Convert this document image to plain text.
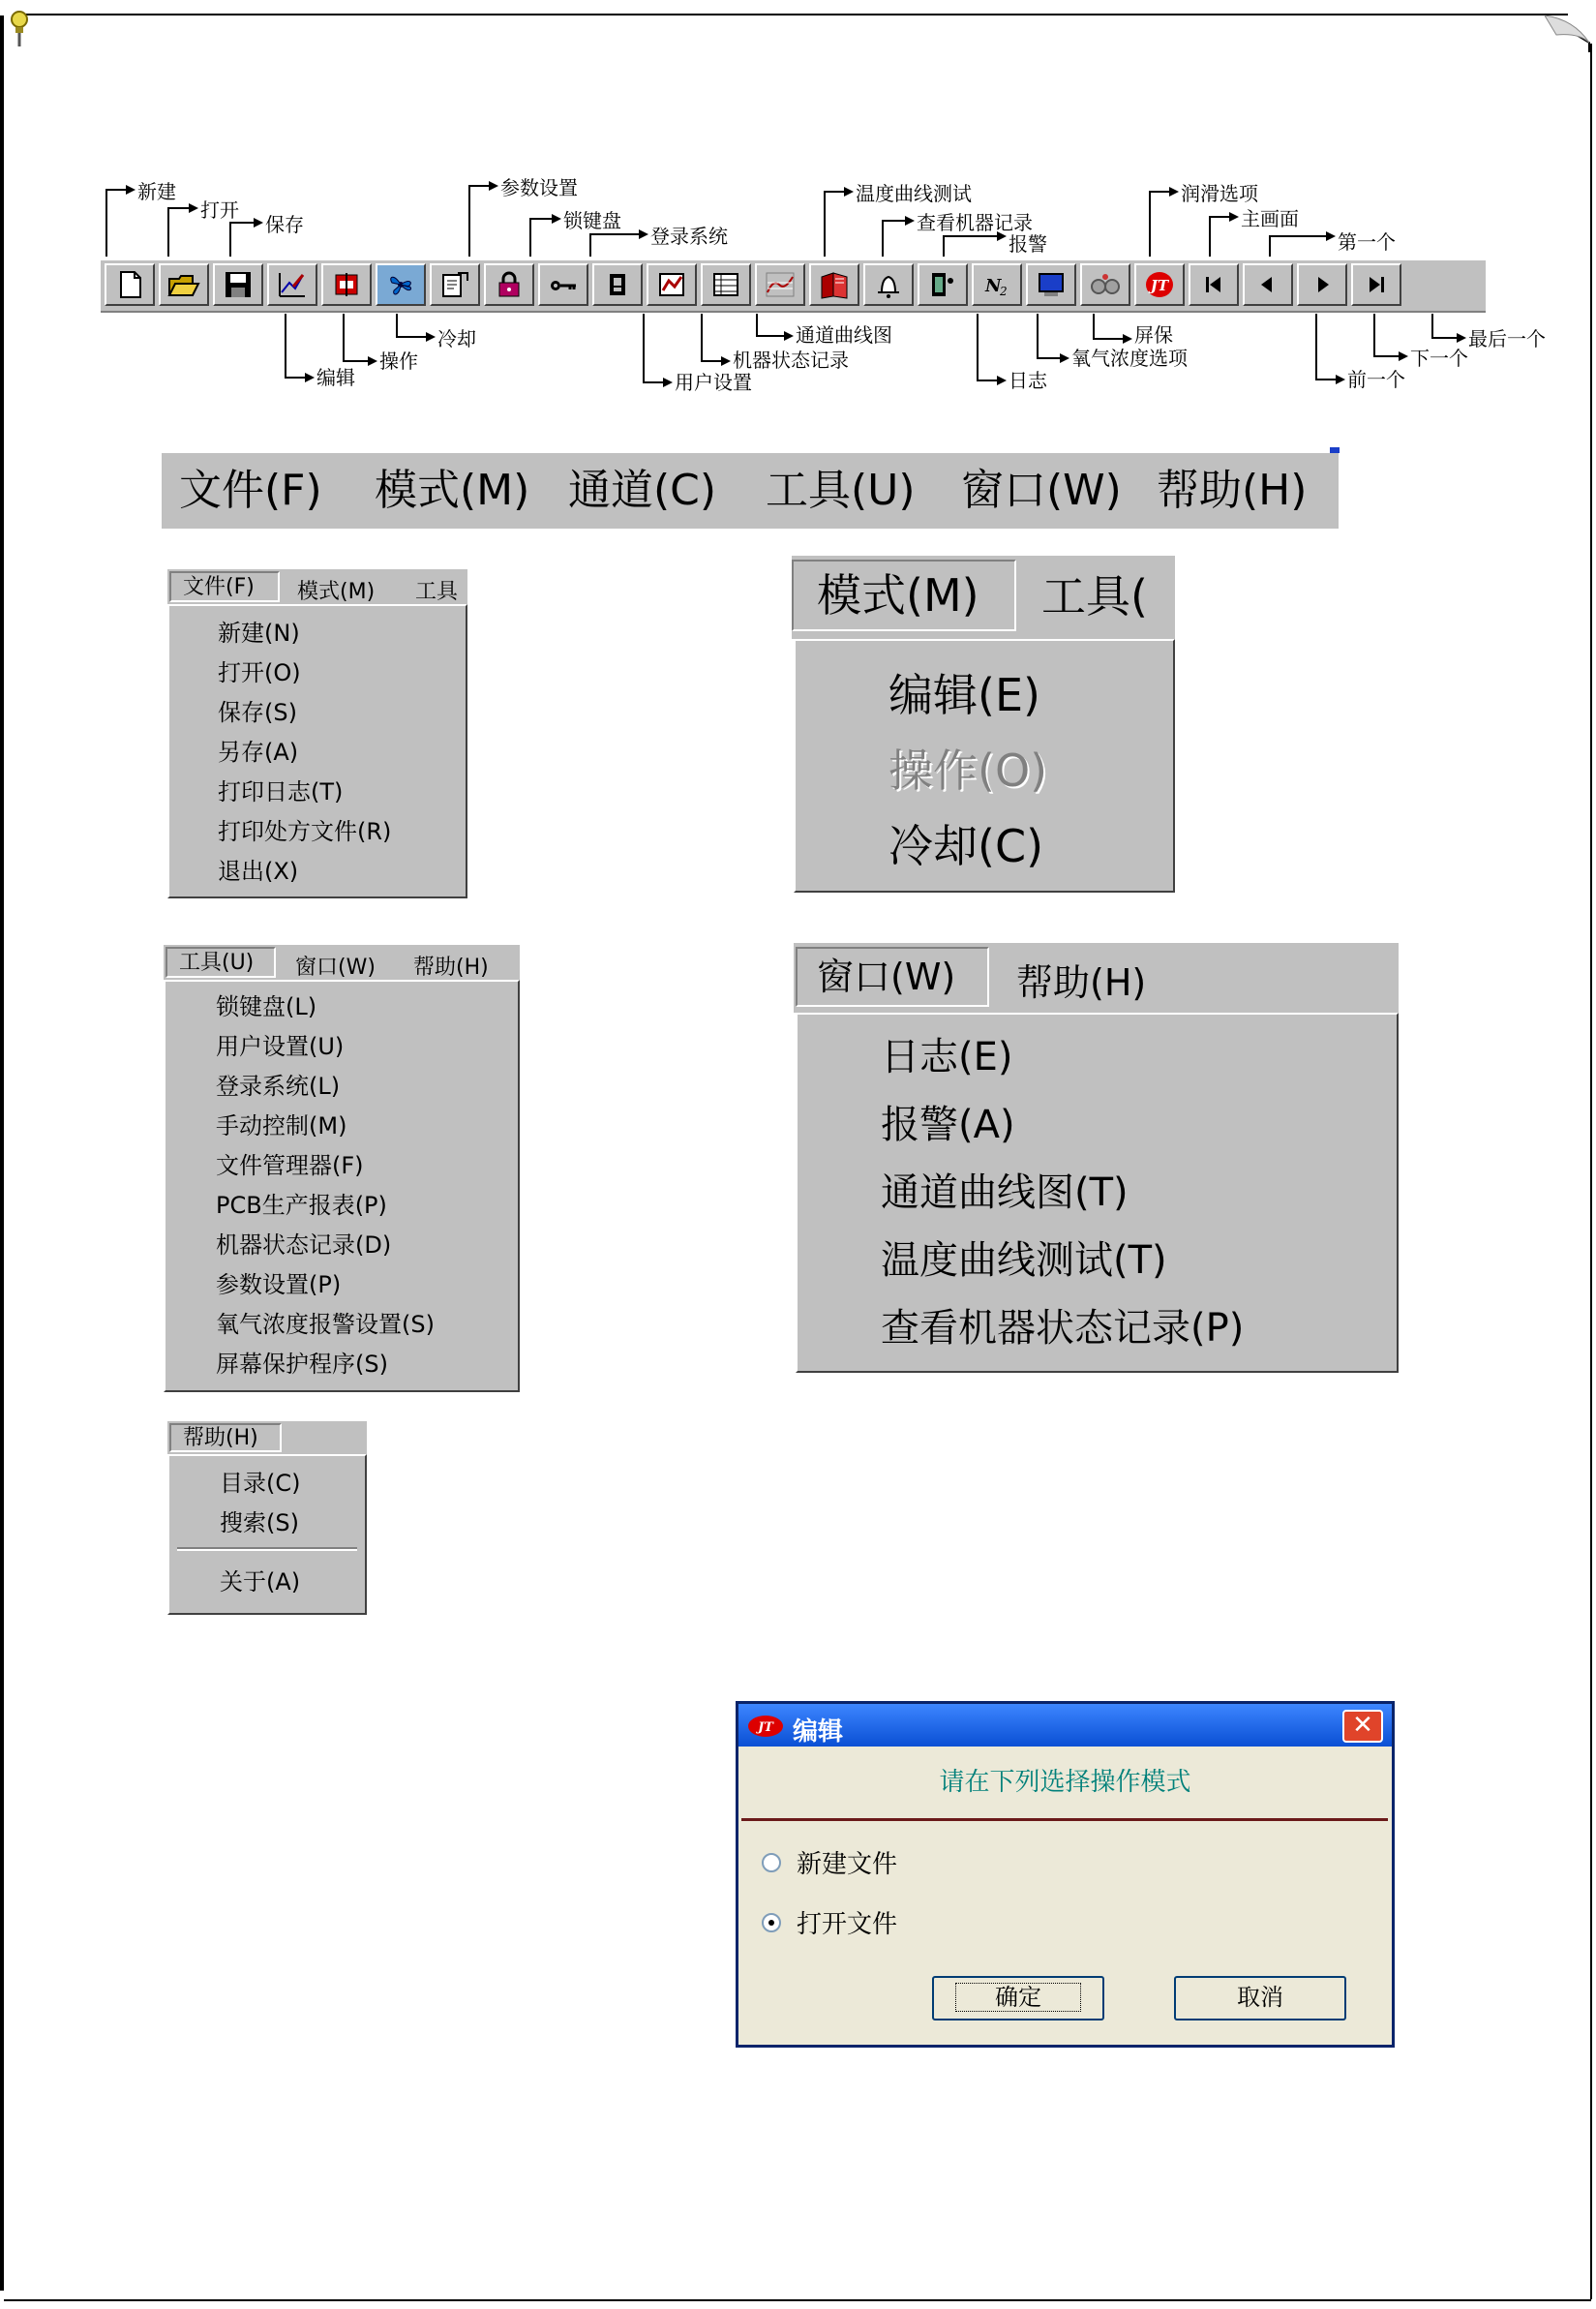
N
2	JT
新建
打开
保存
参数设置
锁键盘
登录系统
温度曲线测试
查看机器记录
报警
润滑选项
主画面
第一个
编辑
操作
冷却
用户设置
机器状态记录
通道曲线图
日志
氧气浓度选项
屏保
前一个
下一个
最后一个
文件(F) 模式(M) 通道(C) 工具(U) 窗口(W) 帮助(H)
文件(F)	模式(M) 工具
新建(N)
打开(O)
保存(S)
另存(A)
打印日志(T)
打印处方文件(R)
退出(X)
模式(M)	工具(
编辑(E)
操作(O)
冷却(C)
工具(U)	窗口(W) 帮助(H)
锁键盘(L)
用户设置(U)
登录系统(L)
手动控制(M)
文件管理器(F)
PCB生产报表(P)
机器状态记录(D)
参数设置(P)
氧气浓度报警设置(S)
屏幕保护程序(S)
窗口(W)	帮助(H)
日志(E)
报警(A)
通道曲线图(T)
温度曲线测试(T)
查看机器状态记录(P)
帮助(H)
目录(C)
搜索(S)
关于(A)
JT 编辑	✕
请在下列选择操作模式
新建文件
打开文件
确定	取消
